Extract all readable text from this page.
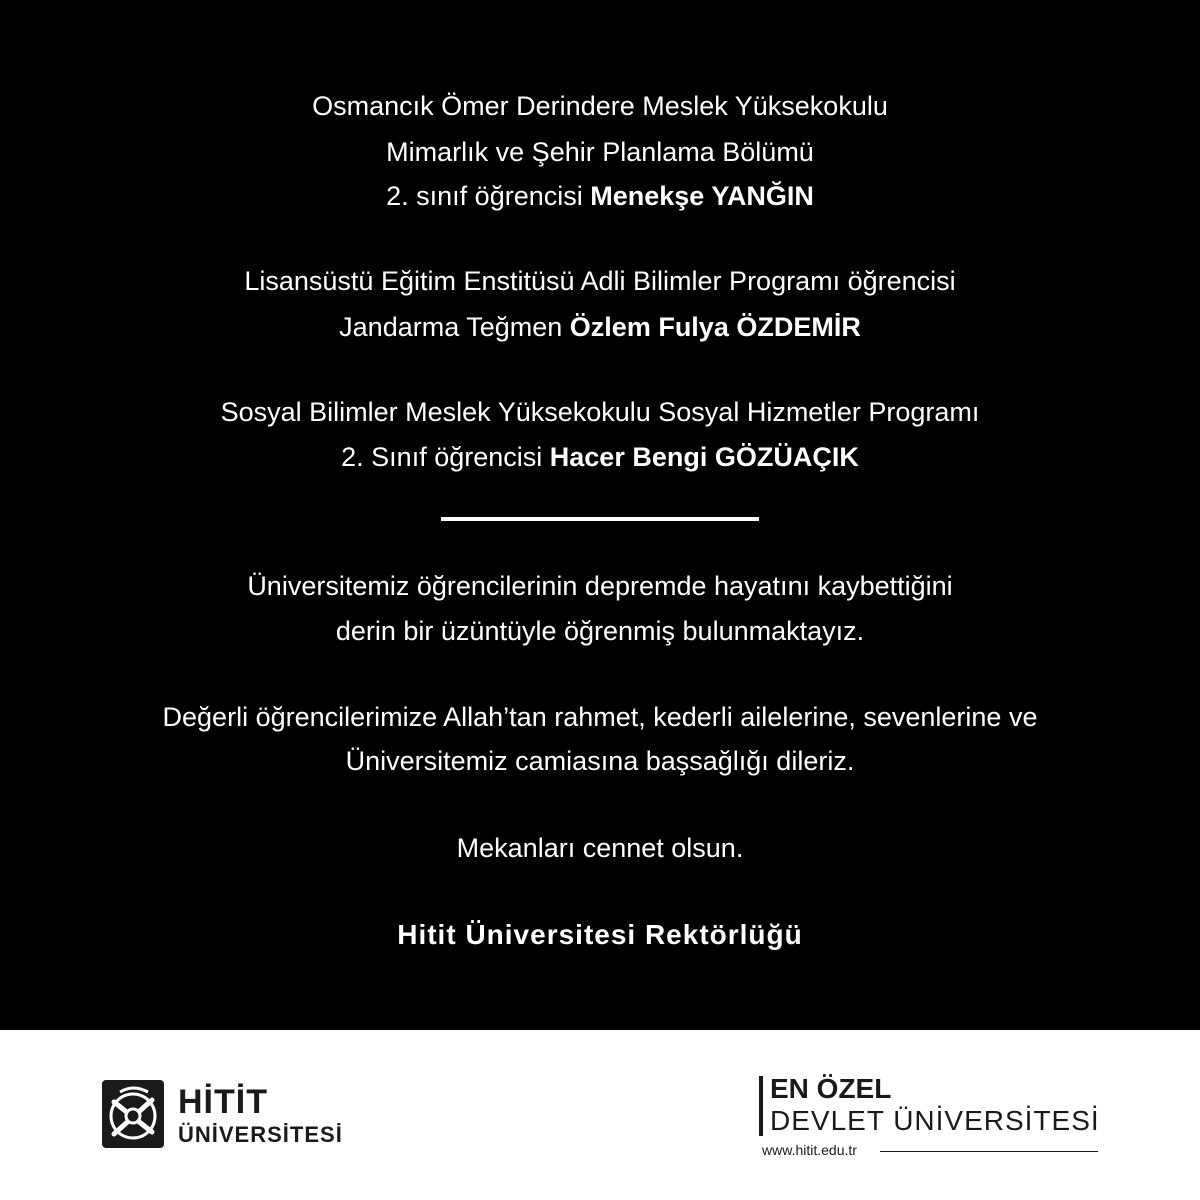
Osmancık Ömer Derindere Meslek Yüksekokulu
Mimarlık ve Şehir Planlama Bölümü
2. sınıf öğrencisi Menekşe YANĞIN
Lisansüstü Eğitim Enstitüsü Adli Bilimler Programı öğrencisi
Jandarma Teğmen Özlem Fulya ÖZDEMİR
Sosyal Bilimler Meslek Yüksekokulu Sosyal Hizmetler Programı
2. Sınıf öğrencisi Hacer Bengi GÖZÜAÇIK
Üniversitemiz öğrencilerinin depremde hayatını kaybettiğini
derin bir üzüntüyle öğrenmiş bulunmaktayız.
Değerli öğrencilerimize Allah’tan rahmet, kederli ailelerine, sevenlerine ve
Üniversitemiz camiasına başsağlığı dileriz.
Mekanları cennet olsun.
Hitit Üniversitesi Rektörlüğü
HİTİT
ÜNİVERSİTESİ
EN ÖZEL
DEVLET ÜNİVERSİTESİ
www.hitit.edu.tr
